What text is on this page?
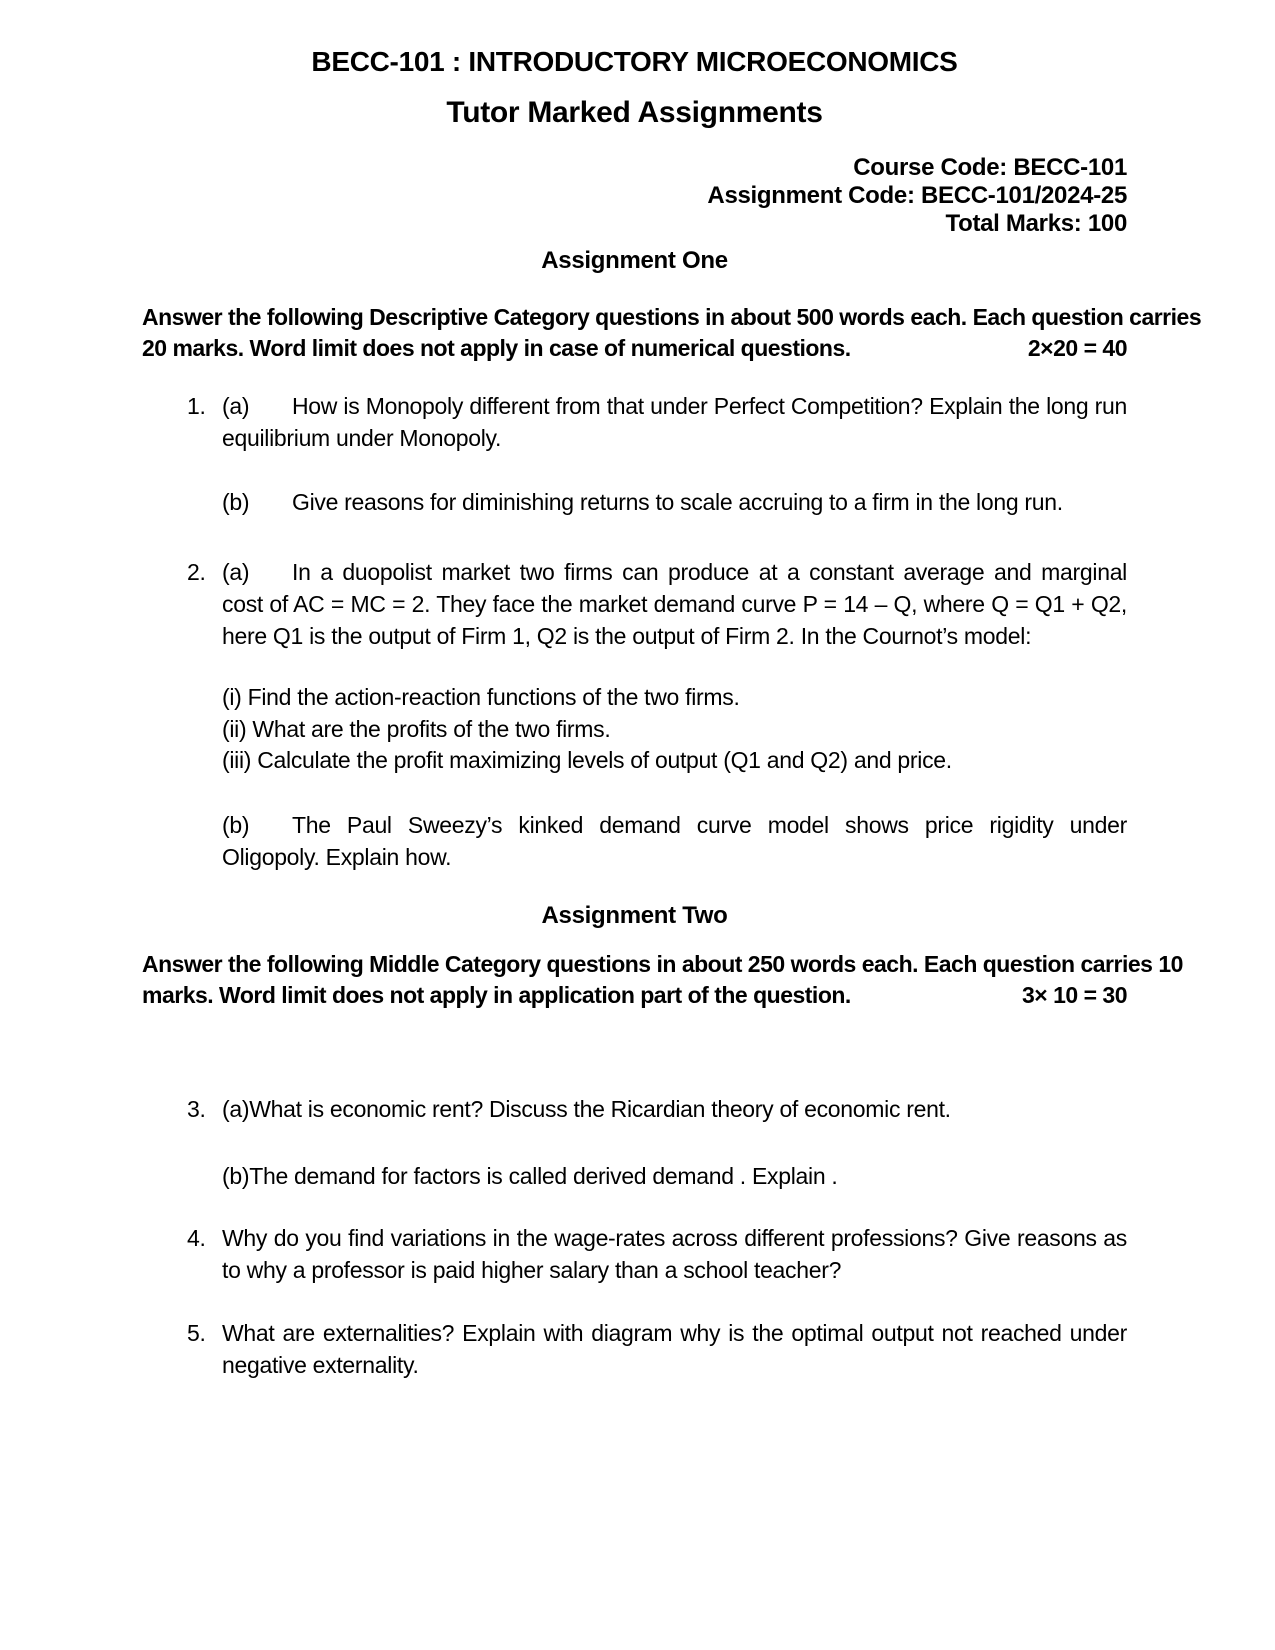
BECC-101 : INTRODUCTORY MICROECONOMICS
Tutor Marked Assignments
Course Code: BECC-101
Assignment Code: BECC-101/2024-25
Total Marks: 100
Assignment One
Answer the following Descriptive Category questions in about 500 words each. Each question carries
20 marks. Word limit does not apply in case of numerical questions.	2×20 = 40
1. (a) How is Monopoly different from that under Perfect Competition? Explain the long run equilibrium under Monopoly.
(b) Give reasons for diminishing returns to scale accruing to a firm in the long run.
2. (a) In a duopolist market two firms can produce at a constant average and marginal cost of AC = MC = 2. They face the market demand curve P = 14 – Q, where Q = Q1 + Q2, here Q1 is the output of Firm 1, Q2 is the output of Firm 2. In the Cournot’s model:
(i) Find the action-reaction functions of the two firms.
(ii) What are the profits of the two firms.
(iii) Calculate the profit maximizing levels of output (Q1 and Q2) and price.
(b) The Paul Sweezy’s kinked demand curve model shows price rigidity under Oligopoly. Explain how.
Assignment Two
Answer the following Middle Category questions in about 250 words each. Each question carries 10
marks. Word limit does not apply in application part of the question.	3× 10 = 30
3. (a)What is economic rent? Discuss the Ricardian theory of economic rent.
(b)The demand for factors is called derived demand . Explain .
4. Why do you find variations in the wage-rates across different professions? Give reasons as to why a professor is paid higher salary than a school teacher?
5. What are externalities? Explain with diagram why is the optimal output not reached under negative externality.
